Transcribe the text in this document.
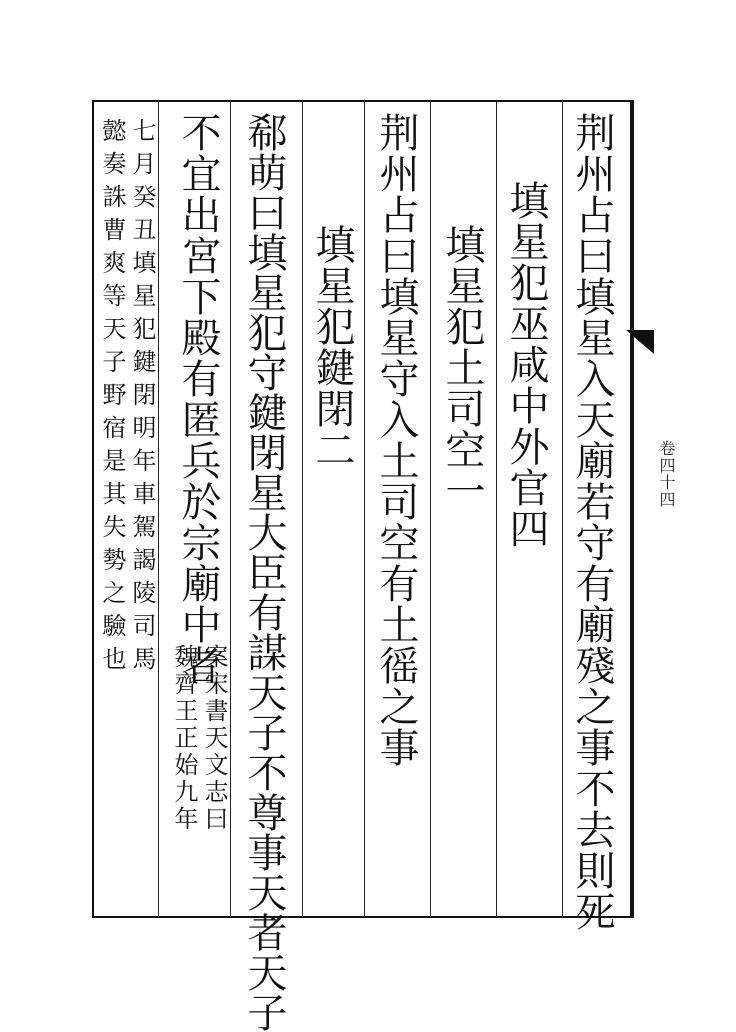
卷四十四
荆州占曰填星入天廟若守有廟殘之事不去則死
填星犯巫咸中外官四
填星犯土司空一
荆州占曰填星守入土司空有土徭之事
填星犯鍵閉二
郗萌曰填星犯守鍵閉星大臣有謀天子不尊事天者天子
不宜出宮下殿有匿兵於宗廟中者
案宋書天文志曰
魏齊王正始九年
七月癸丑填星犯鍵閉明年車駕謁陵司馬
懿奏誅曹爽等天子野宿是其失勢之驗也
